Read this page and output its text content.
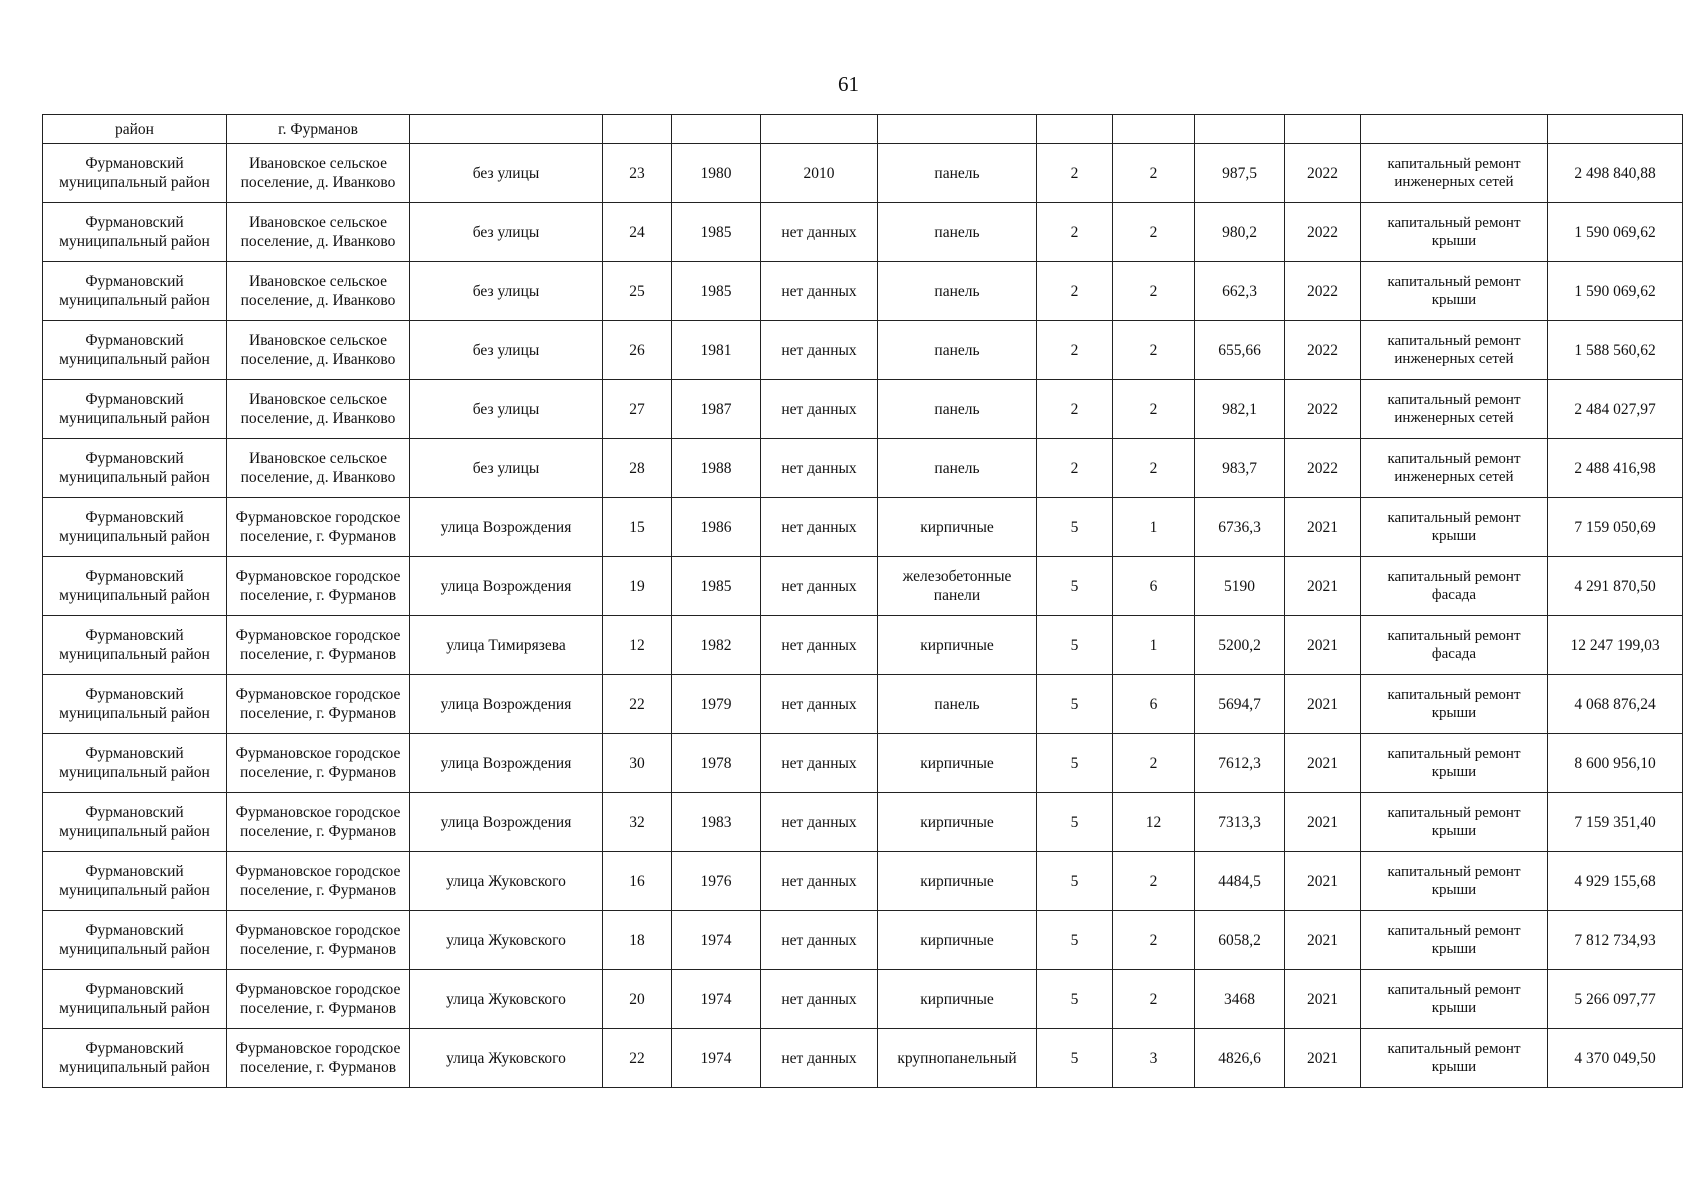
61
район	г. Фурманов											
Фурмановский муниципальный район	Ивановское сельское поселение, д. Иванково	без улицы	23	1980	2010	панель	2	2	987,5	2022	капитальный ремонт инженерных сетей	2 498 840,88
Фурмановский муниципальный район	Ивановское сельское поселение, д. Иванково	без улицы	24	1985	нет данных	панель	2	2	980,2	2022	капитальный ремонт крыши	1 590 069,62
Фурмановский муниципальный район	Ивановское сельское поселение, д. Иванково	без улицы	25	1985	нет данных	панель	2	2	662,3	2022	капитальный ремонт крыши	1 590 069,62
Фурмановский муниципальный район	Ивановское сельское поселение, д. Иванково	без улицы	26	1981	нет данных	панель	2	2	655,66	2022	капитальный ремонт инженерных сетей	1 588 560,62
Фурмановский муниципальный район	Ивановское сельское поселение, д. Иванково	без улицы	27	1987	нет данных	панель	2	2	982,1	2022	капитальный ремонт инженерных сетей	2 484 027,97
Фурмановский муниципальный район	Ивановское сельское поселение, д. Иванково	без улицы	28	1988	нет данных	панель	2	2	983,7	2022	капитальный ремонт инженерных сетей	2 488 416,98
Фурмановский муниципальный район	Фурмановское городское поселение, г. Фурманов	улица Возрождения	15	1986	нет данных	кирпичные	5	1	6736,3	2021	капитальный ремонт крыши	7 159 050,69
Фурмановский муниципальный район	Фурмановское городское поселение, г. Фурманов	улица Возрождения	19	1985	нет данных	железобетонные панели	5	6	5190	2021	капитальный ремонт фасада	4 291 870,50
Фурмановский муниципальный район	Фурмановское городское поселение, г. Фурманов	улица Тимирязева	12	1982	нет данных	кирпичные	5	1	5200,2	2021	капитальный ремонт фасада	12 247 199,03
Фурмановский муниципальный район	Фурмановское городское поселение, г. Фурманов	улица Возрождения	22	1979	нет данных	панель	5	6	5694,7	2021	капитальный ремонт крыши	4 068 876,24
Фурмановский муниципальный район	Фурмановское городское поселение, г. Фурманов	улица Возрождения	30	1978	нет данных	кирпичные	5	2	7612,3	2021	капитальный ремонт крыши	8 600 956,10
Фурмановский муниципальный район	Фурмановское городское поселение, г. Фурманов	улица Возрождения	32	1983	нет данных	кирпичные	5	12	7313,3	2021	капитальный ремонт крыши	7 159 351,40
Фурмановский муниципальный район	Фурмановское городское поселение, г. Фурманов	улица Жуковского	16	1976	нет данных	кирпичные	5	2	4484,5	2021	капитальный ремонт крыши	4 929 155,68
Фурмановский муниципальный район	Фурмановское городское поселение, г. Фурманов	улица Жуковского	18	1974	нет данных	кирпичные	5	2	6058,2	2021	капитальный ремонт крыши	7 812 734,93
Фурмановский муниципальный район	Фурмановское городское поселение, г. Фурманов	улица Жуковского	20	1974	нет данных	кирпичные	5	2	3468	2021	капитальный ремонт крыши	5 266 097,77
Фурмановский муниципальный район	Фурмановское городское поселение, г. Фурманов	улица Жуковского	22	1974	нет данных	крупнопанельный	5	3	4826,6	2021	капитальный ремонт крыши	4 370 049,50
